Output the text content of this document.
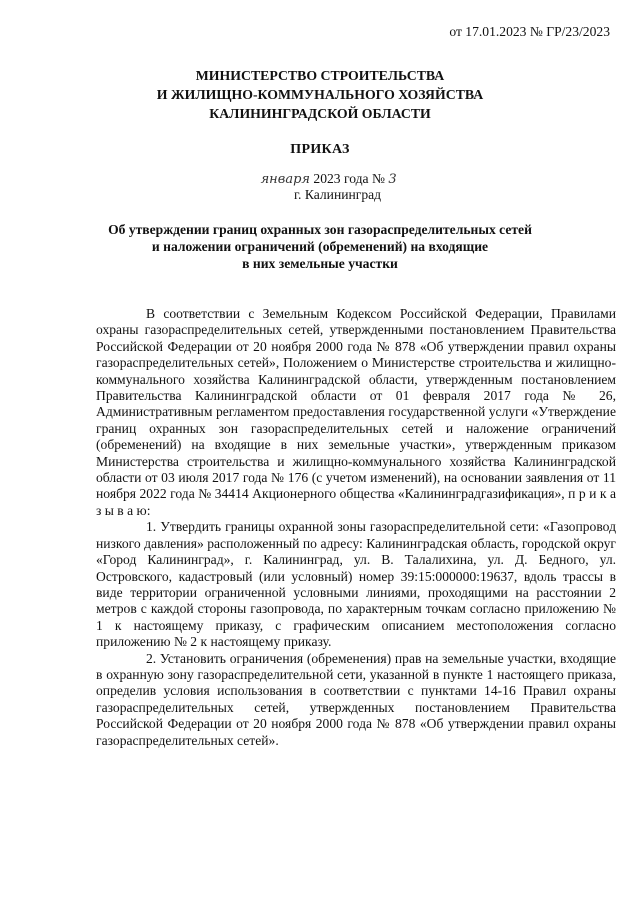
от 17.01.2023 № ГР/23/2023
МИНИСТЕРСТВО СТРОИТЕЛЬСТВА
И ЖИЛИЩНО-КОММУНАЛЬНОГО ХОЗЯЙСТВА
КАЛИНИНГРАДСКОЙ ОБЛАСТИ
ПРИКАЗ
января 2023 года № 3
г. Калининград
Об утверждении границ охранных зон газораспределительных сетей
и наложении ограничений (обременений) на входящие
в них земельные участки

В соответствии с Земельным Кодексом Российской Федерации, Правилами охраны газораспределительных сетей, утвержденными постановлением Правительства Российской Федерации от 20 ноября 2000 года № 878 «Об утверждении правил охраны газораспределительных сетей», Положением о Министерстве строительства и жилищно-коммунального хозяйства Калининградской области, утвержденным постановлением Правительства Калининградской области от 01 февраля 2017 года № 26, Административным регламентом предоставления государственной услуги «Утверждение границ охранных зон газораспределительных сетей и наложение ограничений (обременений) на входящие в них земельные участки», утвержденным приказом Министерства строительства и жилищно-коммунального хозяйства Калининградской области от 03 июля 2017 года № 176 (с учетом изменений), на основании заявления от 11 ноября 2022 года № 34414 Акционерного общества «Калининградгазификация», п р и к а з ы в а ю:

1. Утвердить границы охранной зоны газораспределительной сети: «Газопровод низкого давления» расположенный по адресу: Калининградская область, городской округ «Город Калининград», г. Калининград, ул. В. Талалихина, ул. Д. Бедного, ул. Островского, кадастровый (или условный) номер 39:15:000000:19637, вдоль трассы в виде территории ограниченной условными линиями, проходящими на расстоянии 2 метров с каждой стороны газопровода, по характерным точкам согласно приложению № 1 к настоящему приказу, с графическим описанием местоположения согласно приложению № 2 к настоящему приказу.

2. Установить ограничения (обременения) прав на земельные участки, входящие в охранную зону газораспределительной сети, указанной в пункте 1 настоящего приказа, определив условия использования в соответствии с пунктами 14-16 Правил охраны газораспределительных сетей, утвержденных постановлением Правительства Российской Федерации от 20 ноября 2000 года № 878 «Об утверждении правил охраны газораспределительных сетей».
